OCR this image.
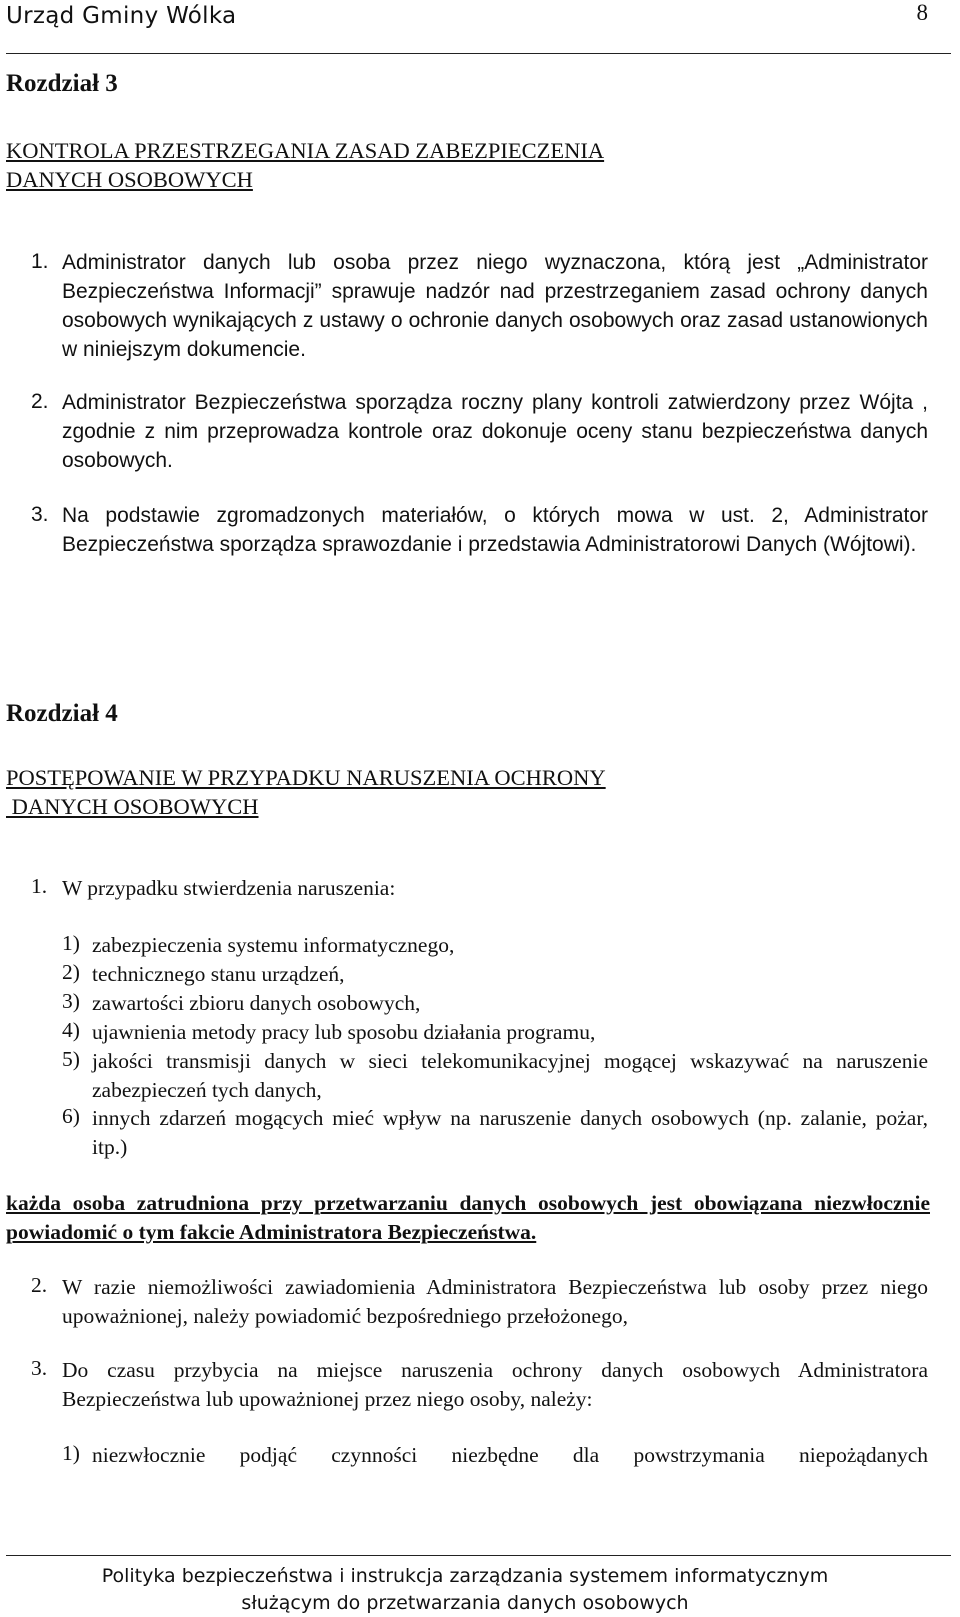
Urząd Gminy Wólka	8
Rozdział 3
KONTROLA PRZESTRZEGANIA ZASAD ZABEZPIECZENIA
DANYCH OSOBOWYCH
1. Administrator danych lub osoba przez niego wyznaczona, którą jest „Administrator Bezpieczeństwa Informacji” sprawuje nadzór nad przestrzeganiem zasad ochrony danych osobowych wynikających z ustawy o ochronie danych osobowych oraz zasad ustanowionych w niniejszym dokumencie.
2. Administrator Bezpieczeństwa sporządza roczny plany kontroli zatwierdzony przez Wójta , zgodnie z nim przeprowadza kontrole oraz dokonuje oceny stanu bezpieczeństwa danych osobowych.
3. Na podstawie zgromadzonych materiałów, o których mowa w ust. 2, Administrator Bezpieczeństwa sporządza sprawozdanie i przedstawia Administratorowi Danych (Wójtowi).
Rozdział 4
POSTĘPOWANIE W PRZYPADKU NARUSZENIA OCHRONY
DANYCH OSOBOWYCH
1. W przypadku stwierdzenia naruszenia:
1) zabezpieczenia systemu informatycznego,
2) technicznego stanu urządzeń,
3) zawartości zbioru danych osobowych,
4) ujawnienia metody pracy lub sposobu działania programu,
5) jakości transmisji danych w sieci telekomunikacyjnej mogącej wskazywać na naruszenie zabezpieczeń tych danych,
6) innych zdarzeń mogących mieć wpływ na naruszenie danych osobowych (np. zalanie, pożar, itp.)
każda osoba zatrudniona przy przetwarzaniu danych osobowych jest obowiązana niezwłocznie powiadomić o tym fakcie Administratora Bezpieczeństwa.
2. W razie niemożliwości zawiadomienia Administratora Bezpieczeństwa lub osoby przez niego upoważnionej, należy powiadomić bezpośredniego przełożonego,
3. Do czasu przybycia na miejsce naruszenia ochrony danych osobowych Administratora Bezpieczeństwa lub upoważnionej przez niego osoby, należy:
1) niezwłocznie podjąć czynności niezbędne dla powstrzymania niepożądanych
Polityka bezpieczeństwa i instrukcja zarządzania systemem informatycznym
służącym do przetwarzania danych osobowych
